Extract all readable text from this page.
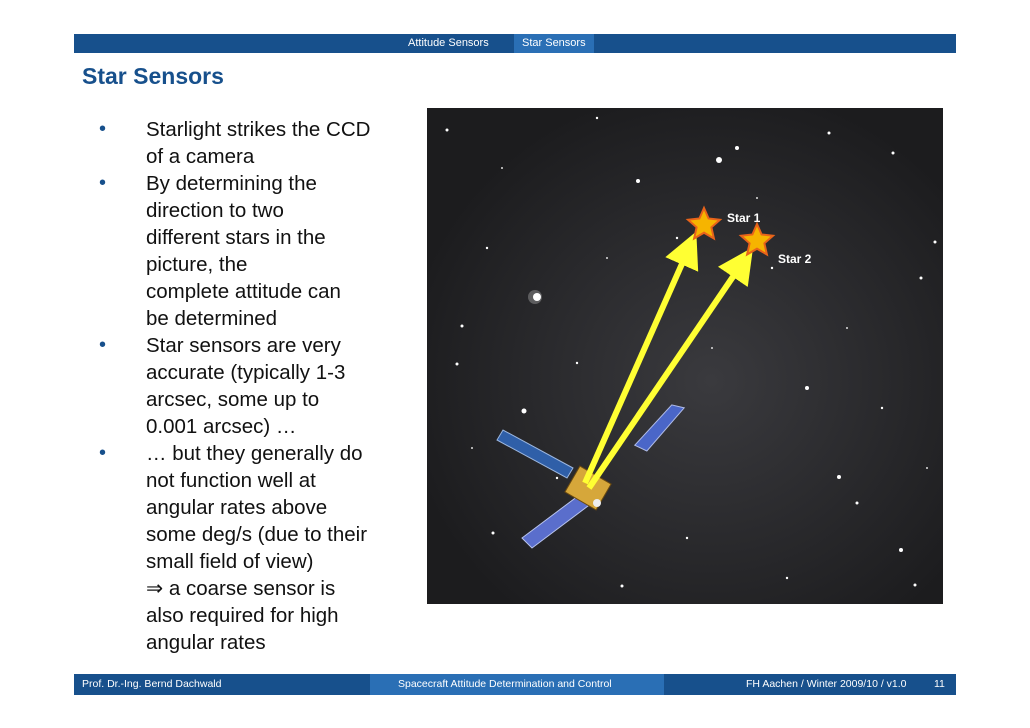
Attitude Sensors	Star Sensors
Star Sensors
• Starlight strikes the CCD
of a camera
• By determining the
direction to two
different stars in the
picture, the
complete attitude can
be determined
• Star sensors are very
accurate (typically 1-3
arcsec, some up to
0.001 arcsec) …
• … but they generally do
not function well at
angular rates above
some deg/s (due to their
small field of view)
⇒ a coarse sensor is
also required for high
angular rates
Star 1
Star 2
Prof. Dr.-Ing. Bernd Dachwald	Spacecraft Attitude Determination and Control	FH Aachen / Winter 2009/10 / v1.0	11
